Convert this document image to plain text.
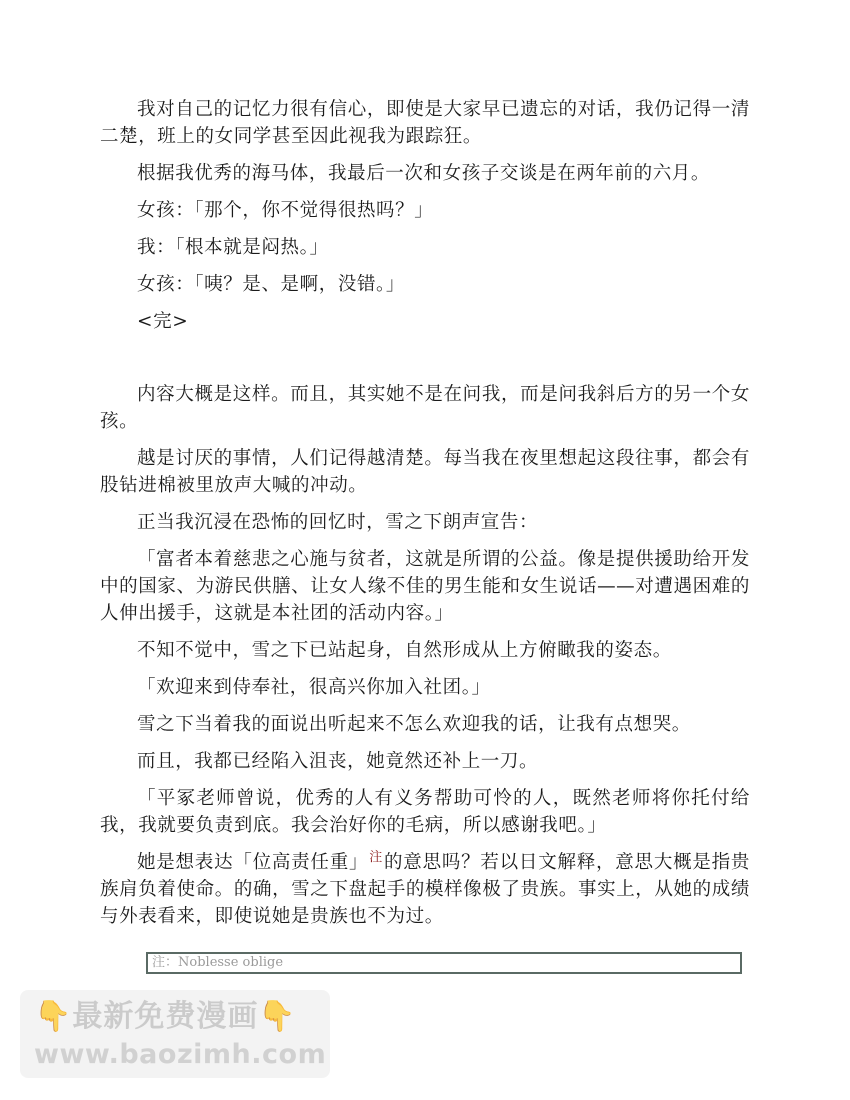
我对自己的记忆力很有信心，即使是大家早已遗忘的对话，我仍记得一清二楚，班上的女同学甚至因此视我为跟踪狂。

根据我优秀的海马体，我最后一次和女孩子交谈是在两年前的六月。

女孩：「那个，你不觉得很热吗？」

我：「根本就是闷热。」

女孩：「咦？是、是啊，没错。」

<完>

内容大概是这样。而且，其实她不是在问我，而是问我斜后方的另一个女孩。

越是讨厌的事情，人们记得越清楚。每当我在夜里想起这段往事，都会有股钻进棉被里放声大喊的冲动。

正当我沉浸在恐怖的回忆时，雪之下朗声宣告：

「富者本着慈悲之心施与贫者，这就是所谓的公益。像是提供援助给开发中的国家、为游民供膳、让女人缘不佳的男生能和女生说话——对遭遇困难的人伸出援手，这就是本社团的活动内容。」

不知不觉中，雪之下已站起身，自然形成从上方俯瞰我的姿态。

「欢迎来到侍奉社，很高兴你加入社团。」

雪之下当着我的面说出听起来不怎么欢迎我的话，让我有点想哭。

而且，我都已经陷入沮丧，她竟然还补上一刀。

「平冢老师曾说，优秀的人有义务帮助可怜的人，既然老师将你托付给我，我就要负责到底。我会治好你的毛病，所以感谢我吧。」

她是想表达「位高责任重」$^注$的意思吗？若以日文解释，意思大概是指贵族肩负着使命。的确，雪之下盘起手的模样像极了贵族。事实上，从她的成绩与外表看来，即使说她是贵族也不为过。

注：Noblesse oblige
👇最新免费漫画👇
www.baozimh.com
